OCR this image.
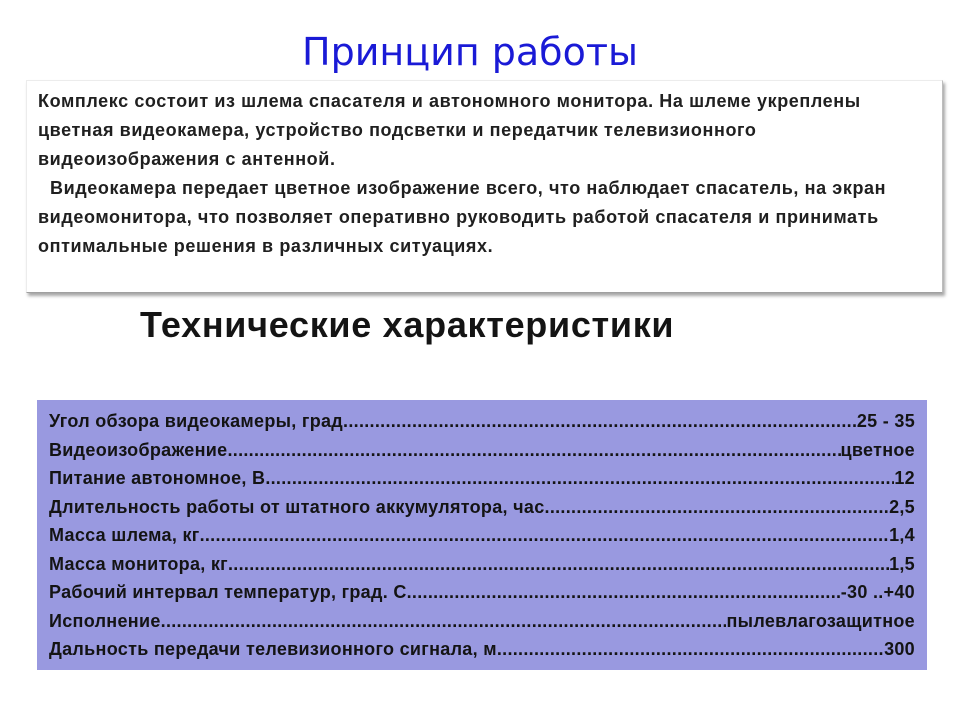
Принцип работы

Комплекс состоит из шлема спасателя и автономного монитора. На шлеме укреплены цветная видеокамера, устройство подсветки и передатчик телевизионного видеоизображения с антенной.

Видеокамера передает цветное изображение всего, что наблюдает спасатель, на экран видеомонитора, что позволяет оперативно руководить работой спасателя и принимать оптимальные решения в различных ситуациях.

Технические характеристики
Угол обзора видеокамеры, град .....	25 - 35
Видеоизображение .....	цветное
Питание автономное, В .....	12
Длительность работы от штатного аккумулятора, час .....	2,5
Масса шлема, кг .....	1,4
Масса монитора, кг .....	1,5
Рабочий интервал температур, град. С .....	-30 ..+40
Исполнение .....	пылевлагозащитное
Дальность передачи телевизионного сигнала, м .....	300
